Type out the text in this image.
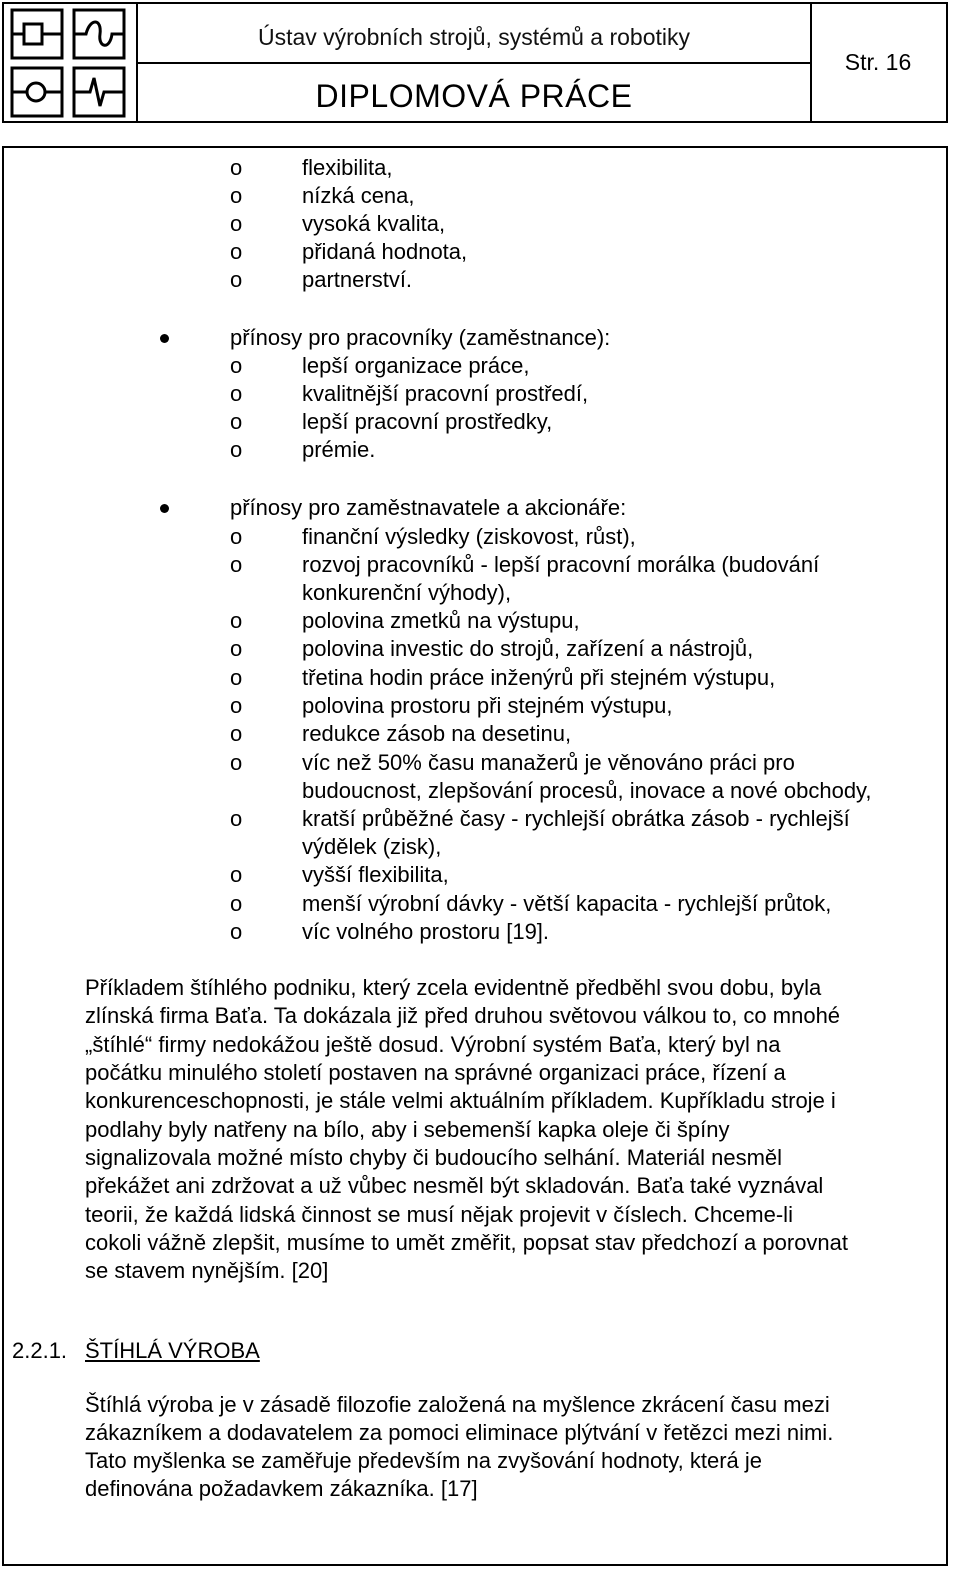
Ústav výrobních strojů, systémů a robotiky
DIPLOMOVÁ PRÁCE
Str. 16
o	flexibilita,
o	nízká cena,
o	vysoká kvalita,
o	přidaná hodnota,
o	partnerství.
přínosy pro pracovníky (zaměstnance):
o	lepší organizace práce,
o	kvalitnější pracovní prostředí,
o	lepší pracovní prostředky,
o	prémie.
přínosy pro zaměstnavatele a akcionáře:
o	finanční výsledky (ziskovost, růst),
o	rozvoj pracovníků - lepší pracovní morálka (budování
konkurenční výhody),
o	polovina zmetků na výstupu,
o	polovina investic do strojů, zařízení a nástrojů,
o	třetina hodin práce inženýrů při stejném výstupu,
o	polovina prostoru při stejném výstupu,
o	redukce zásob na desetinu,
o	víc než 50% času manažerů je věnováno práci pro
budoucnost, zlepšování procesů, inovace a nové obchody,
o	kratší průběžné časy - rychlejší obrátka zásob - rychlejší
výdělek (zisk),
o	vyšší flexibilita,
o	menší výrobní dávky - větší kapacita - rychlejší průtok,
o	víc volného prostoru [19].
Příkladem štíhlého podniku, který zcela evidentně předběhl svou dobu, byla
zlínská firma Baťa. Ta dokázala již před druhou světovou válkou to, co mnohé
„štíhlé“ firmy nedokážou ještě dosud. Výrobní systém Baťa, který byl na
počátku minulého století postaven na správné organizaci práce, řízení a
konkurenceschopnosti, je stále velmi aktuálním příkladem. Kupříkladu stroje i
podlahy byly natřeny na bílo, aby i sebemenší kapka oleje či špíny
signalizovala možné místo chyby či budoucího selhání. Materiál nesměl
překážet ani zdržovat a už vůbec nesměl být skladován. Baťa také vyznával
teorii, že každá lidská činnost se musí nějak projevit v číslech. Chceme-li
cokoli vážně zlepšit, musíme to umět změřit, popsat stav předchozí a porovnat
se stavem nynějším. [20]
2.2.1. ŠTÍHLÁ VÝROBA
Štíhlá výroba je v zásadě filozofie založená na myšlence zkrácení času mezi
zákazníkem a dodavatelem za pomoci eliminace plýtvání v řetězci mezi nimi.
Tato myšlenka se zaměřuje především na zvyšování hodnoty, která je
definována požadavkem zákazníka. [17]
